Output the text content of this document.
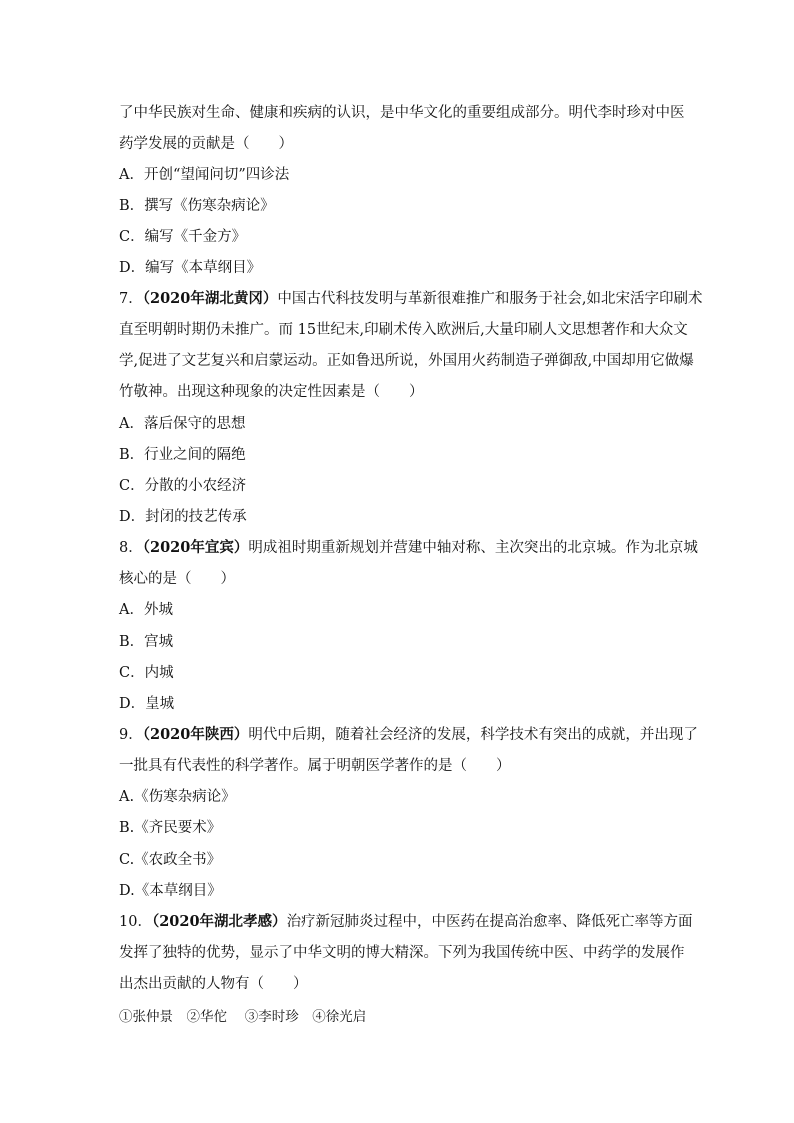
了中华民族对生命、健康和疾病的认识，是中华文化的重要组成部分。明代李时珍对中医
药学发展的贡献是（　　）
A．开创“望闻问切”四诊法
B．撰写《伤寒杂病论》
C．编写《千金方》
D．编写《本草纲目》
7．（2020年湖北黄冈）中国古代科技发明与革新很难推广和服务于社会,如北宋活字印刷术
直至明朝时期仍未推广。而 15世纪末,印刷术传入欧洲后,大量印刷人文思想著作和大众文
学,促进了文艺复兴和启蒙运动。正如鲁迅所说，外国用火药制造子弹御敌,中国却用它做爆
竹敬神。出现这种现象的决定性因素是（　　）
A．落后保守的思想
B．行业之间的隔绝
C．分散的小农经济
D．封闭的技艺传承
8．（2020年宜宾）明成祖时期重新规划并营建中轴对称、主次突出的北京城。作为北京城
核心的是（　　）
A．外城
B．宫城
C．内城
D．皇城
9．（2020年陕西）明代中后期，随着社会经济的发展，科学技术有突出的成就，并出现了
一批具有代表性的科学著作。属于明朝医学著作的是（　　）
A.《伤寒杂病论》
B.《齐民要术》
C.《农政全书》
D.《本草纲目》
10．（2020年湖北孝感）治疗新冠肺炎过程中，中医药在提高治愈率、降低死亡率等方面
发挥了独特的优势，显示了中华文明的博大精深。下列为我国传统中医、中药学的发展作
出杰出贡献的人物有（　　）
①张仲景　②华佗　 ③李时珍　④徐光启
